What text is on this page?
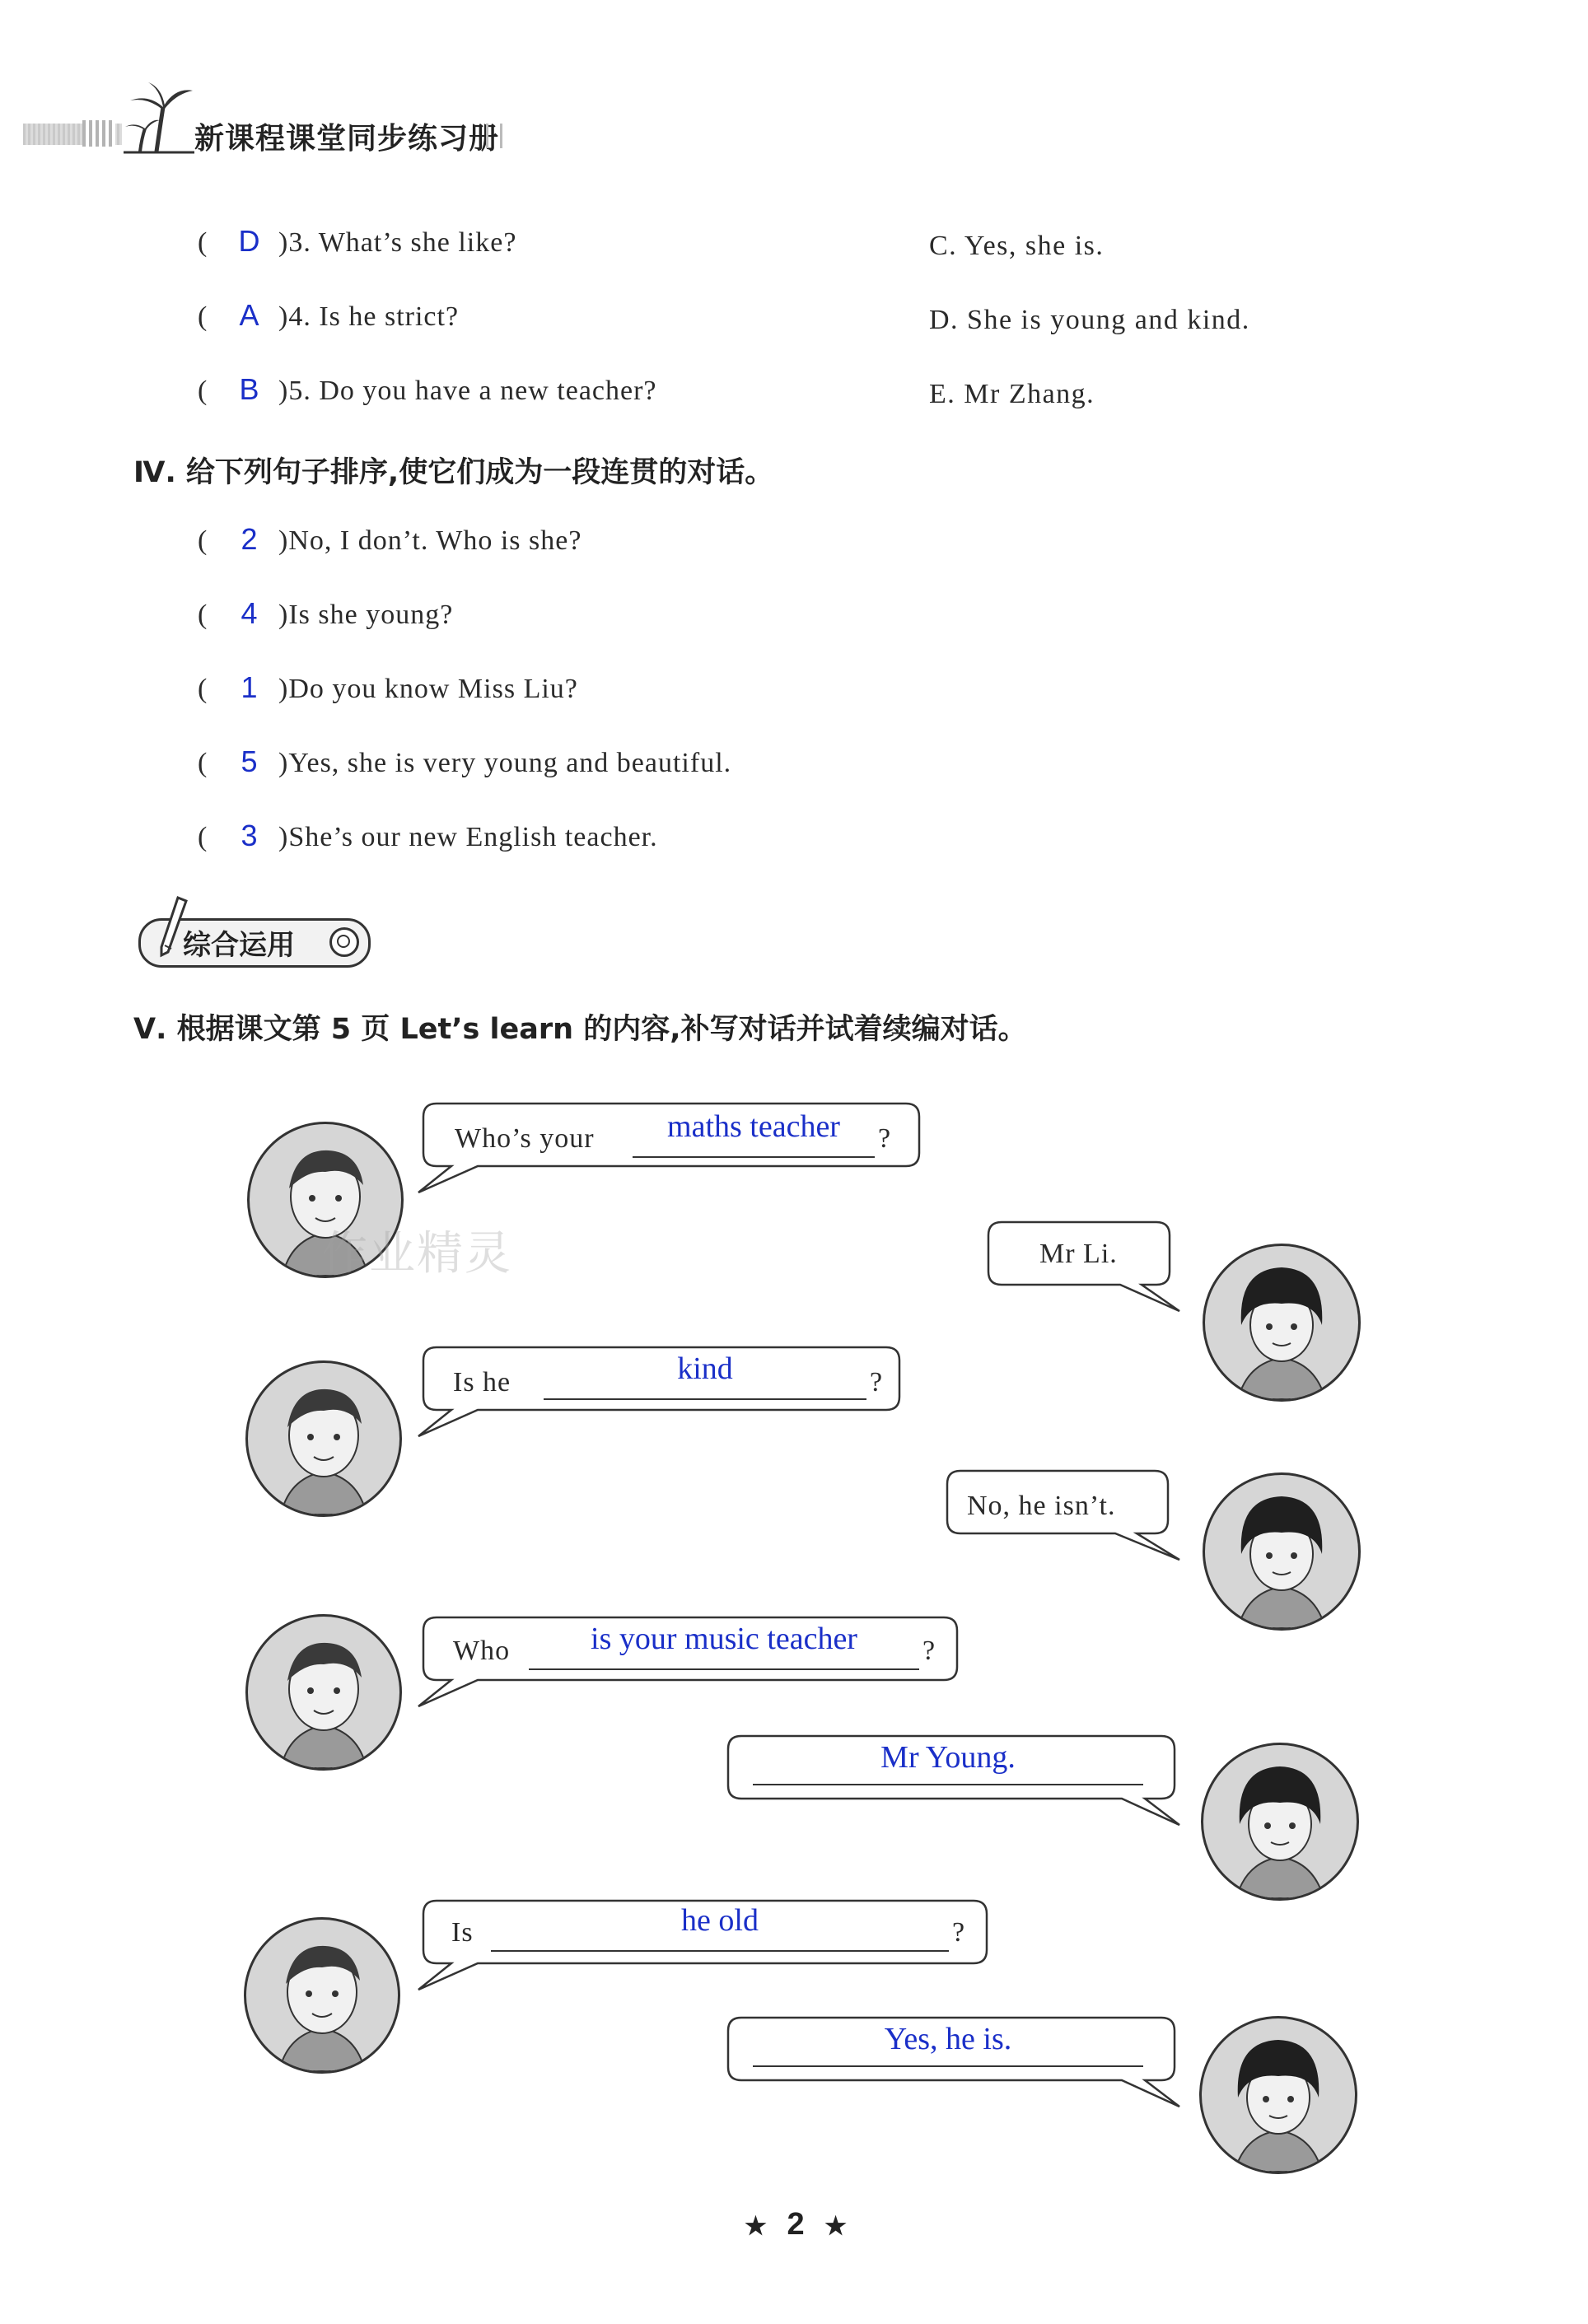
新课程课堂同步练习册
( D )3. What’s she like?
( A )4. Is he strict?
( B )5. Do you have a new teacher?
C. Yes, she is.
D. She is young and kind.
E. Mr Zhang.
Ⅳ. 给下列句子排序,使它们成为一段连贯的对话。
( 2 )No, I don’t. Who is she?
( 4 )Is she young?
( 1 )Do you know Miss Liu?
( 5 )Yes, she is very young and beautiful.
( 3 )She’s our new English teacher.
综合运用
Ⅴ. 根据课文第 5 页 Let’s learn 的内容,补写对话并试着续编对话。
Who’s your	maths teacher	?
作业精灵	Mr Li.
Is he	kind	?
No, he isn’t.
Who	is your music teacher	?
Mr Young.
Is	he old	?
Yes, he is.
★ 2 ★
